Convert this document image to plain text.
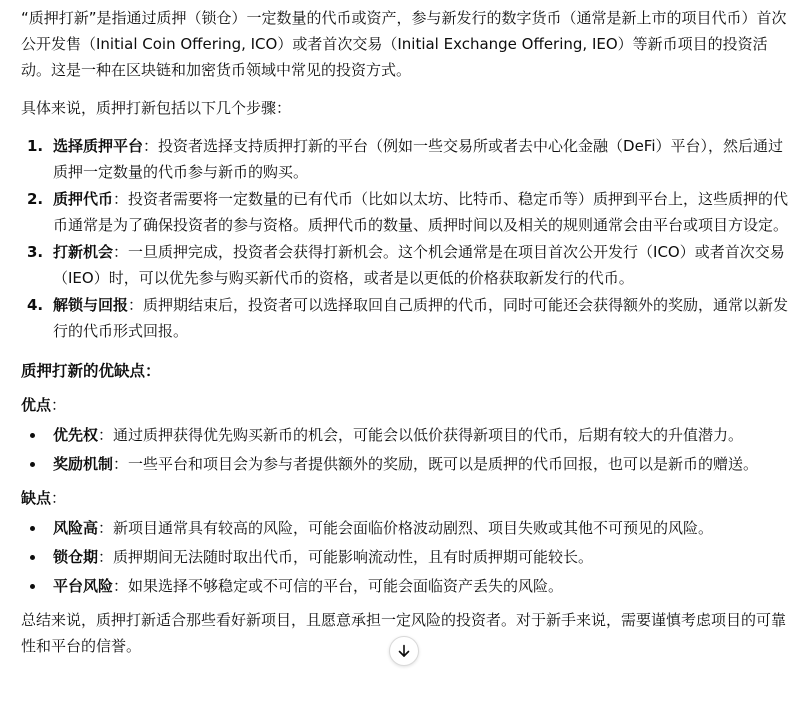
“质押打新”是指通过质押（锁仓）一定数量的代币或资产，参与新发行的数字货币（通常是新上市的项目代币）首次公开发售（Initial Coin Offering, ICO）或者首次交易（Initial Exchange Offering, IEO）等新币项目的投资活动。这是一种在区块链和加密货币领域中常见的投资方式。

具体来说，质押打新包括以下几个步骤：

1. 选择质押平台：投资者选择支持质押打新的平台（例如一些交易所或者去中心化金融（DeFi）平台），然后通过质押一定数量的代币参与新币的购买。
2. 质押代币：投资者需要将一定数量的已有代币（比如以太坊、比特币、稳定币等）质押到平台上，这些质押的代币通常是为了确保投资者的参与资格。质押代币的数量、质押时间以及相关的规则通常会由平台或项目方设定。
3. 打新机会：一旦质押完成，投资者会获得打新机会。这个机会通常是在项目首次公开发行（ICO）或者首次交易（IEO）时，可以优先参与购买新代币的资格，或者是以更低的价格获取新发行的代币。
4. 解锁与回报：质押期结束后，投资者可以选择取回自己质押的代币，同时可能还会获得额外的奖励，通常以新发行的代币形式回报。
质押打新的优缺点：

优点：

优先权：通过质押获得优先购买新币的机会，可能会以低价获得新项目的代币，后期有较大的升值潜力。
奖励机制：一些平台和项目会为参与者提供额外的奖励，既可以是质押的代币回报，也可以是新币的赠送。

缺点：

风险高：新项目通常具有较高的风险，可能会面临价格波动剧烈、项目失败或其他不可预见的风险。
锁仓期：质押期间无法随时取出代币，可能影响流动性，且有时质押期可能较长。
平台风险：如果选择不够稳定或不可信的平台，可能会面临资产丢失的风险。

总结来说，质押打新适合那些看好新项目，且愿意承担一定风险的投资者。对于新手来说，需要谨慎考虑项目的可靠性和平台的信誉。
